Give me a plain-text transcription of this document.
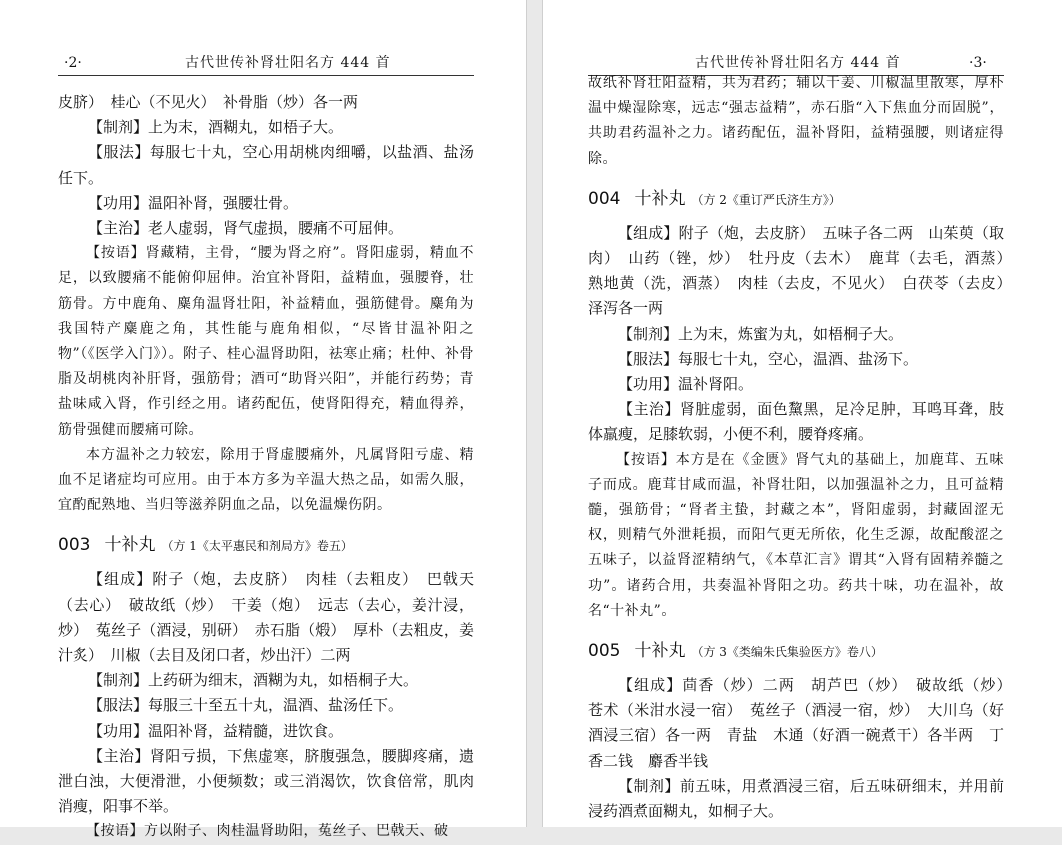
·2·	古代世传补肾壮阳名方 444 首

皮脐）　桂心（不见火）　补骨脂（炒）各一两

【制剂】上为末，酒糊丸，如梧子大。

【服法】每服七十丸，空心用胡桃肉细嚼，以盐酒、盐汤任下。

【功用】温阳补肾，强腰壮骨。

【主治】老人虚弱，肾气虚损，腰痛不可屈伸。

【按语】肾藏精，主骨，“腰为肾之府”。肾阳虚弱，精血不足，以致腰痛不能俯仰屈伸。治宜补肾阳，益精血，强腰脊，壮筋骨。方中鹿角、麋角温肾壮阳，补益精血，强筋健骨。麋角为我国特产麋鹿之角，其性能与鹿角相似，“尽皆甘温补阳之物”（《医学入门》）。附子、桂心温肾助阳，祛寒止痛；杜仲、补骨脂及胡桃肉补肝肾，强筋骨；酒可“助肾兴阳”，并能行药势；青盐味咸入肾，作引经之用。诸药配伍，使肾阳得充，精血得养，筋骨强健而腰痛可除。

本方温补之力较宏，除用于肾虚腰痛外，凡属肾阳亏虚、精血不足诸症均可应用。由于本方多为辛温大热之品，如需久服，宜酌配熟地、当归等滋养阴血之品，以免温燥伤阴。

003 十补丸 （方 1《太平惠民和剂局方》卷五）

【组成】附子（炮，去皮脐）　肉桂（去粗皮）　巴戟天（去心）　破故纸（炒）　干姜（炮）　远志（去心，姜汁浸，炒）　菟丝子（酒浸，别研）　赤石脂（煅）　厚朴（去粗皮，姜汁炙）　川椒（去目及闭口者，炒出汗）二两

【制剂】上药研为细末，酒糊为丸，如梧桐子大。

【服法】每服三十至五十丸，温酒、盐汤任下。

【功用】温阳补肾，益精髓，进饮食。

【主治】肾阳亏损，下焦虚寒，脐腹强急，腰脚疼痛，遗泄白浊，大便滑泄，小便频数；或三消渴饮，饮食倍常，肌肉消瘦，阳事不举。

【按语】方以附子、肉桂温肾助阳，菟丝子、巴戟天、破

古代世传补肾壮阳名方 444 首	·3·

故纸补肾壮阳益精，共为君药；辅以干姜、川椒温里散寒，厚朴温中燥湿除寒，远志“强志益精”，赤石脂“入下焦血分而固脱”，共助君药温补之力。诸药配伍，温补肾阳，益精强腰，则诸症得除。

004 十补丸 （方 2《重订严氏济生方》）

【组成】附子（炮，去皮脐）　五味子各二两　山茱萸（取肉）　山药（锉，炒）　牡丹皮（去木）　鹿茸（去毛，酒蒸）　熟地黄（洗，酒蒸）　肉桂（去皮，不见火）　白茯苓（去皮）　泽泻各一两

【制剂】上为末，炼蜜为丸，如梧桐子大。

【服法】每服七十丸，空心，温酒、盐汤下。

【功用】温补肾阳。

【主治】肾脏虚弱，面色黧黑，足冷足肿，耳鸣耳聋，肢体羸瘦，足膝软弱，小便不利，腰脊疼痛。

【按语】本方是在《金匮》肾气丸的基础上，加鹿茸、五味子而成。鹿茸甘咸而温，补肾壮阳，以加强温补之力，且可益精髓，强筋骨；“肾者主蛰，封藏之本”，肾阳虚弱，封藏固涩无权，则精气外泄耗损，而阳气更无所依，化生乏源，故配酸涩之五味子，以益肾涩精纳气，《本草汇言》谓其“入肾有固精养髓之功”。诸药合用，共奏温补肾阳之功。药共十味，功在温补，故名“十补丸”。

005 十补丸 （方 3《类编朱氏集验医方》卷八）

【组成】茴香（炒）二两　胡芦巴（炒）　破故纸（炒）　苍术（米泔水浸一宿）　菟丝子（酒浸一宿，炒）　大川乌（好酒浸三宿）各一两　青盐　木通（好酒一碗煮干）各半两　丁香二钱　麝香半钱

【制剂】前五味，用煮酒浸三宿，后五味研细末，并用前浸药酒煮面糊丸，如桐子大。
